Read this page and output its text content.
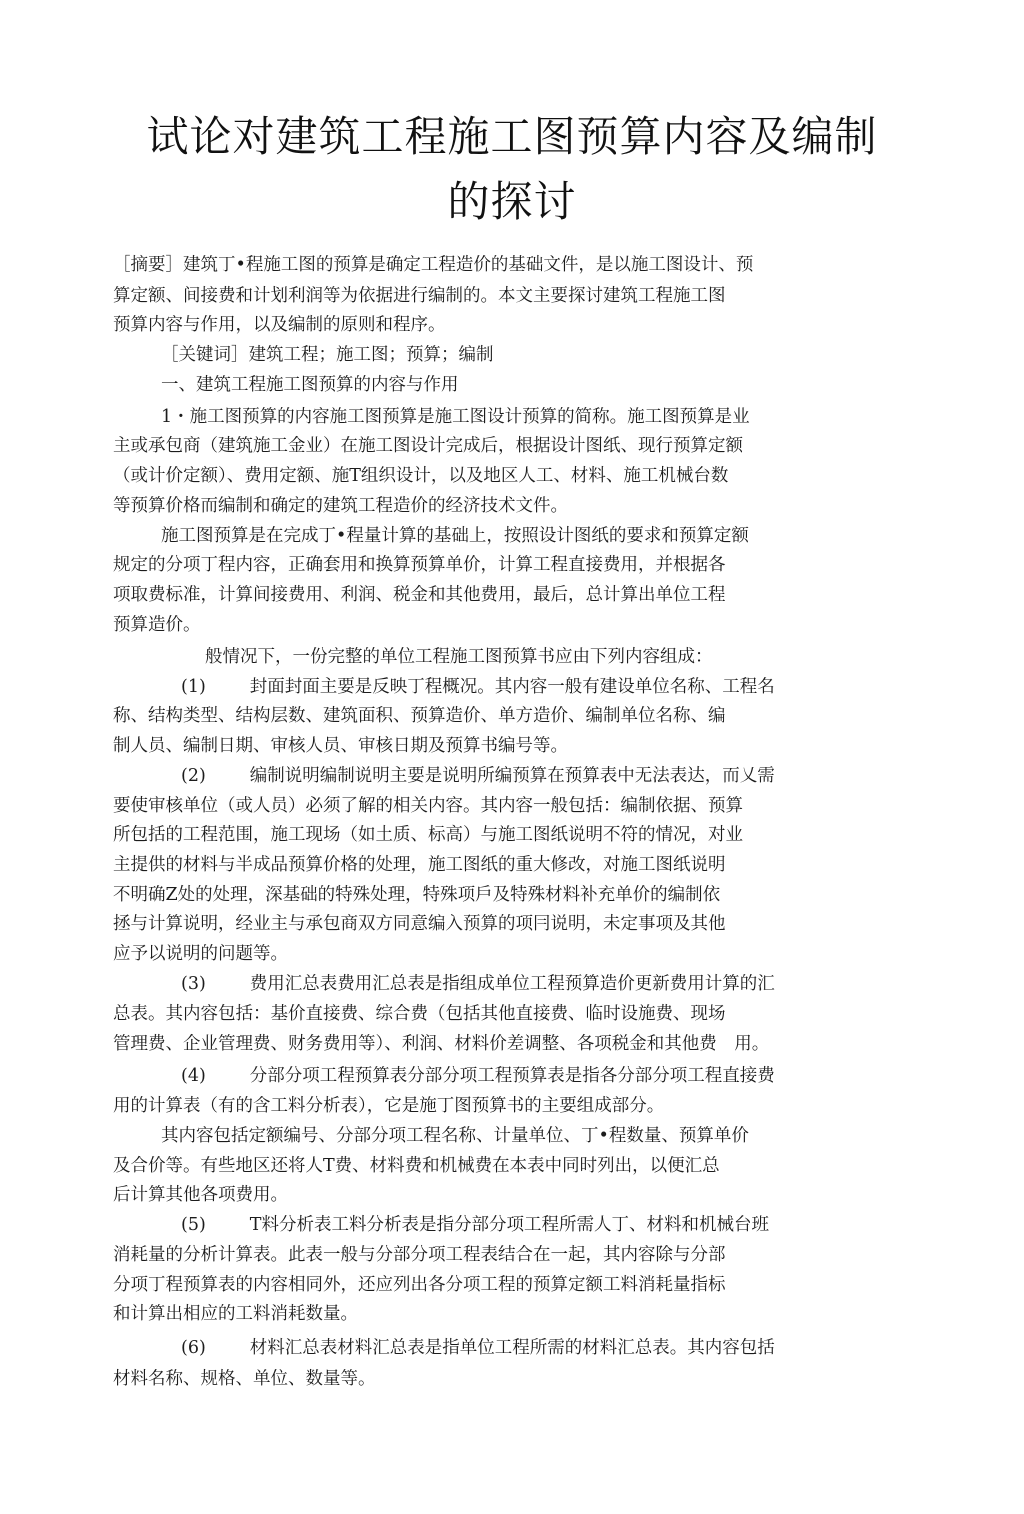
试论对建筑工程施工图预算内容及编制
的探讨
［摘要］建筑丁•程施工图的预算是确定工程造价的基础文件，是以施工图设计、预
算定额、间接费和计划利润等为依据进行编制的。本文主要探讨建筑工程施工图
预算内容与作用，以及编制的原则和程序。
［关键词］建筑工程；施工图；预算；编制
一、建筑工程施工图预算的内容与作用
1・施工图预算的内容施工图预算是施工图设计预算的简称。施工图预算是业
主或承包商（建筑施工金业）在施工图设计完成后，根据设计图纸、现行预算定额
（或计价定额）、费用定额、施T组织设计，以及地区人工、材料、施工机械台数
等预算价格而编制和确定的建筑工程造价的经济技术文件。
施工图预算是在完成丁•程量计算的基础上，按照设计图纸的要求和预算定额
规定的分项丁程内容，正确套用和换算预算单价，计算工程直接费用，并根据各
项取费标准，计算间接费用、利润、税金和其他费用，最后，总计算出单位工程
预算造价。
般情况下，一份完整的单位工程施工图预算书应由下列内容组成：
(1)	封面封面主要是反映丁程概况。其内容一般有建设单位名称、工程名
称、结构类型、结构层数、建筑面积、预算造价、单方造价、编制单位名称、编
制人员、编制日期、审核人员、审核日期及预算书编号等。
(2)	编制说明编制说明主要是说明所编预算在预算表中无法表达，而乂需
要使审核单位（或人员）必须了解的相关内容。其内容一般包括：编制依据、预算
所包括的工程范围，施工现场（如土质、标高）与施工图纸说明不符的情况，对业
主提供的材料与半成品预算价格的处理，施工图纸的重大修改，对施工图纸说明
不明确Z处的处理，深基础的特殊处理，特殊项戶及特殊材料补充单价的编制依
拯与计算说明，经业主与承包商双方同意编入预算的项冃说明，未定事项及其他
应予以说明的问题等。
(3)	费用汇总表费用汇总表是指组成单位工程预算造价更新费用计算的汇
总表。其内容包括：基价直接费、综合费（包括其他直接费、临时设施费、现场
管理费、企业管理费、财务费用等）、利润、材料价差调整、各项税金和其他费　用。
(4)	分部分项工程预算表分部分项工程预算表是指各分部分项工程直接费
用的计算表（有的含工料分析表），它是施丁图预算书的主要组成部分。
其内容包括定额编号、分部分项工程名称、计量单位、丁•程数量、预算单价
及合价等。有些地区还将人T费、材料费和机械费在本表中同时列出，以便汇总
后计算其他各项费用。
(5)	T料分析表工料分析表是指分部分项工程所需人丁、材料和机械台班
消耗量的分析计算表。此表一般与分部分项工程表结合在一起，其内容除与分部
分项丁程预算表的内容相同外，还应列出各分项工程的预算定额工料消耗量指标
和计算出相应的工料消耗数量。
(6)	材料汇总表材料汇总表是指单位工程所需的材料汇总表。其内容包括
材料名称、规格、单位、数量等。
